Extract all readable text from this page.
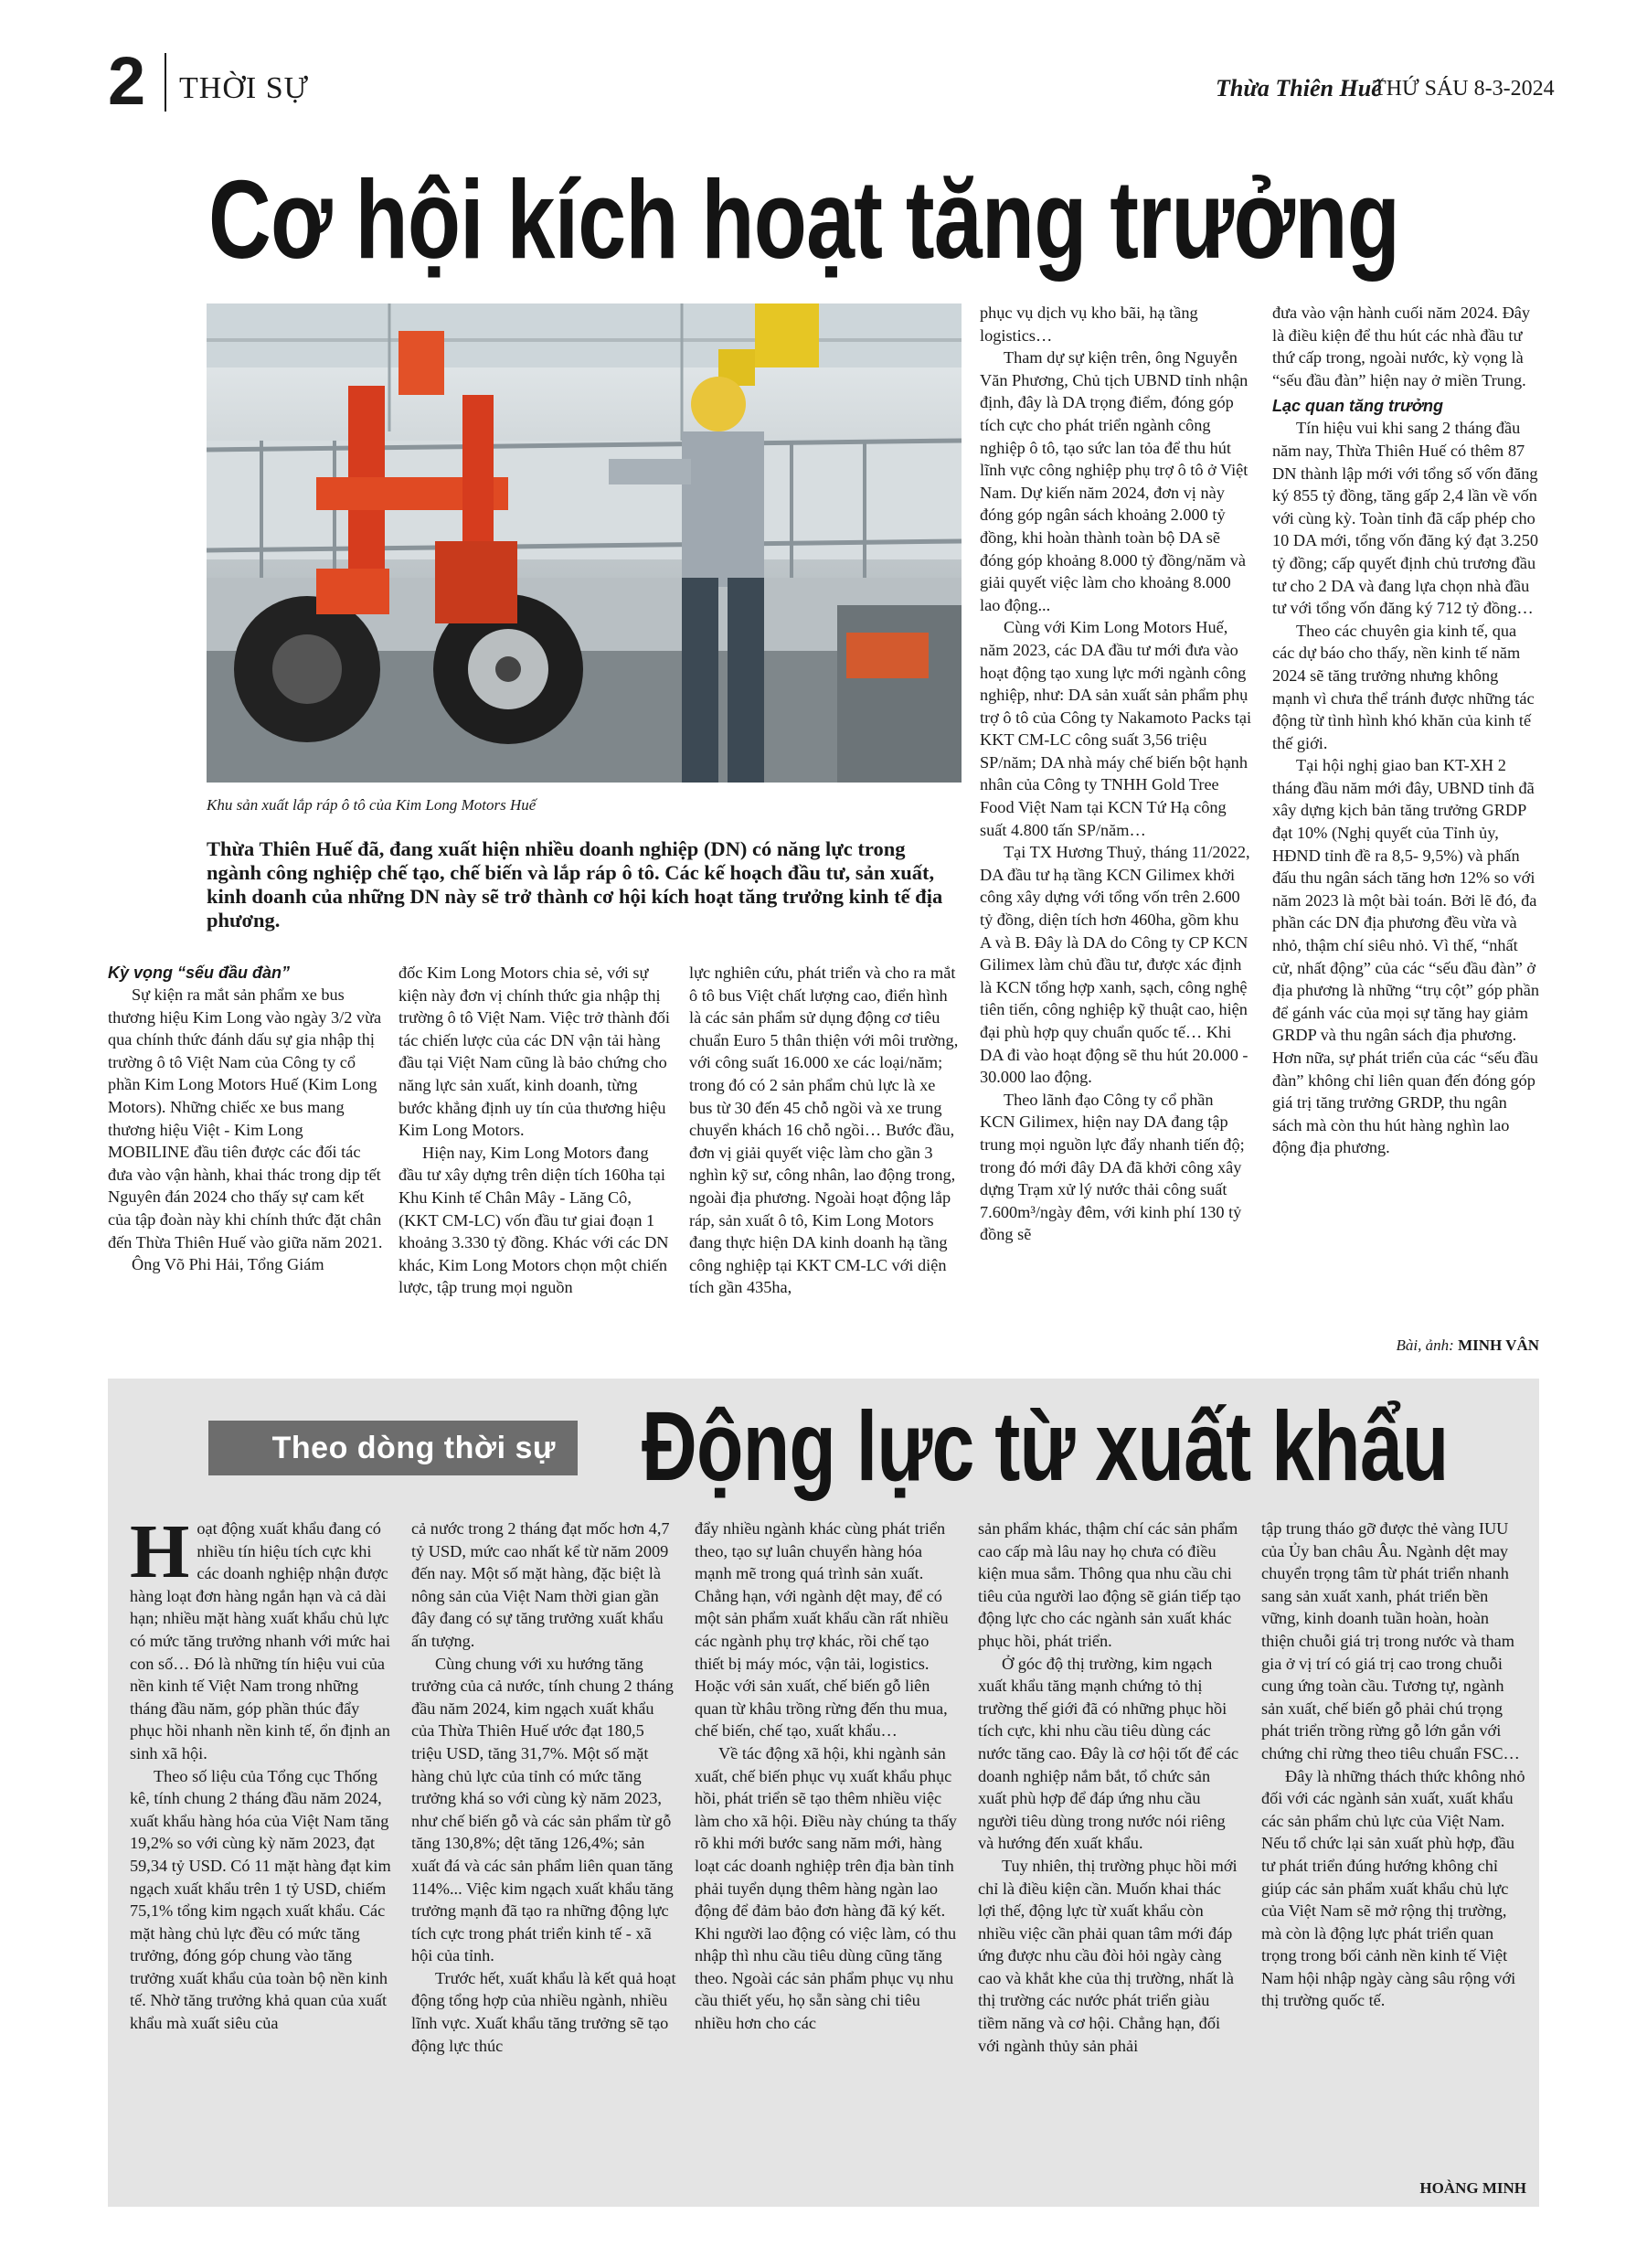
2 THỜI SỰ	Thừa Thiên Huế
THỨ SÁU 8-3-2024
Cơ hội kích hoạt tăng trưởng
Khu sản xuất lắp ráp ô tô của Kim Long Motors Huế
Thừa Thiên Huế đã, đang xuất hiện nhiều doanh nghiệp (DN) có năng lực trong ngành công nghiệp chế tạo, chế biến và lắp ráp ô tô. Các kế hoạch đầu tư, sản xuất, kinh doanh của những DN này sẽ trở thành cơ hội kích hoạt tăng trưởng kinh tế địa phương.
Kỳ vọng “sếu đầu đàn”

Sự kiện ra mắt sản phẩm xe bus thương hiệu Kim Long vào ngày 3/2 vừa qua chính thức đánh dấu sự gia nhập thị trường ô tô Việt Nam của Công ty cổ phần Kim Long Motors Huế (Kim Long Motors). Những chiếc xe bus mang thương hiệu Việt - Kim Long MOBILINE đầu tiên được các đối tác đưa vào vận hành, khai thác trong dịp tết Nguyên đán 2024 cho thấy sự cam kết của tập đoàn này khi chính thức đặt chân đến Thừa Thiên Huế vào giữa năm 2021.

Ông Võ Phi Hải, Tổng Giám

đốc Kim Long Motors chia sẻ, với sự kiện này đơn vị chính thức gia nhập thị trường ô tô Việt Nam. Việc trở thành đối tác chiến lược của các DN vận tải hàng đầu tại Việt Nam cũng là bảo chứng cho năng lực sản xuất, kinh doanh, từng bước khẳng định uy tín của thương hiệu Kim Long Motors.

Hiện nay, Kim Long Motors đang đầu tư xây dựng trên diện tích 160ha tại Khu Kinh tế Chân Mây - Lăng Cô, (KKT CM-LC) vốn đầu tư giai đoạn 1 khoảng 3.330 tỷ đồng. Khác với các DN khác, Kim Long Motors chọn một chiến lược, tập trung mọi nguồn

lực nghiên cứu, phát triển và cho ra mắt ô tô bus Việt chất lượng cao, điển hình là các sản phẩm sử dụng động cơ tiêu chuẩn Euro 5 thân thiện với môi trường, với công suất 16.000 xe các loại/năm; trong đó có 2 sản phẩm chủ lực là xe bus từ 30 đến 45 chỗ ngồi và xe trung chuyển khách 16 chỗ ngồi… Bước đầu, đơn vị giải quyết việc làm cho gần 3 nghìn kỹ sư, công nhân, lao động trong, ngoài địa phương. Ngoài hoạt động lắp ráp, sản xuất ô tô, Kim Long Motors đang thực hiện DA kinh doanh hạ tầng công nghiệp tại KKT CM-LC với diện tích gần 435ha,

phục vụ dịch vụ kho bãi, hạ tầng logistics…

Tham dự sự kiện trên, ông Nguyễn Văn Phương, Chủ tịch UBND tỉnh nhận định, đây là DA trọng điểm, đóng góp tích cực cho phát triển ngành công nghiệp ô tô, tạo sức lan tỏa để thu hút lĩnh vực công nghiệp phụ trợ ô tô ở Việt Nam. Dự kiến năm 2024, đơn vị này đóng góp ngân sách khoảng 2.000 tỷ đồng, khi hoàn thành toàn bộ DA sẽ đóng góp khoảng 8.000 tỷ đồng/năm và giải quyết việc làm cho khoảng 8.000 lao động...

Cùng với Kim Long Motors Huế, năm 2023, các DA đầu tư mới đưa vào hoạt động tạo xung lực mới ngành công nghiệp, như: DA sản xuất sản phẩm phụ trợ ô tô của Công ty Nakamoto Packs tại KKT CM-LC công suất 3,56 triệu SP/năm; DA nhà máy chế biến bột hạnh nhân của Công ty TNHH Gold Tree Food Việt Nam tại KCN Tứ Hạ công suất 4.800 tấn SP/năm…

Tại TX Hương Thuỷ, tháng 11/2022, DA đầu tư hạ tầng KCN Gilimex khởi công xây dựng với tổng vốn trên 2.600 tỷ đồng, diện tích hơn 460ha, gồm khu A và B. Đây là DA do Công ty CP KCN Gilimex làm chủ đầu tư, được xác định là KCN tổng hợp xanh, sạch, công nghệ tiên tiến, công nghiệp kỹ thuật cao, hiện đại phù hợp quy chuẩn quốc tế… Khi DA đi vào hoạt động sẽ thu hút 20.000 - 30.000 lao động.

Theo lãnh đạo Công ty cổ phần KCN Gilimex, hiện nay DA đang tập trung mọi nguồn lực đẩy nhanh tiến độ; trong đó mới đây DA đã khởi công xây dựng Trạm xử lý nước thải công suất 7.600m³/ngày đêm, với kinh phí 130 tỷ đồng sẽ

đưa vào vận hành cuối năm 2024. Đây là điều kiện để thu hút các nhà đầu tư thứ cấp trong, ngoài nước, kỳ vọng là “sếu đầu đàn” hiện nay ở miền Trung.

Lạc quan tăng trưởng

Tín hiệu vui khi sang 2 tháng đầu năm nay, Thừa Thiên Huế có thêm 87 DN thành lập mới với tổng số vốn đăng ký 855 tỷ đồng, tăng gấp 2,4 lần về vốn với cùng kỳ. Toàn tỉnh đã cấp phép cho 10 DA mới, tổng vốn đăng ký đạt 3.250 tỷ đồng; cấp quyết định chủ trương đầu tư cho 2 DA và đang lựa chọn nhà đầu tư với tổng vốn đăng ký 712 tỷ đồng…

Theo các chuyên gia kinh tế, qua các dự báo cho thấy, nền kinh tế năm 2024 sẽ tăng trưởng nhưng không mạnh vì chưa thể tránh được những tác động từ tình hình khó khăn của kinh tế thế giới.

Tại hội nghị giao ban KT-XH 2 tháng đầu năm mới đây, UBND tỉnh đã xây dựng kịch bản tăng trưởng GRDP đạt 10% (Nghị quyết của Tỉnh ủy, HĐND tỉnh đề ra 8,5- 9,5%) và phấn đấu thu ngân sách tăng hơn 12% so với năm 2023 là một bài toán. Bởi lẽ đó, đa phần các DN địa phương đều vừa và nhỏ, thậm chí siêu nhỏ. Vì thế, “nhất cử, nhất động” của các “sếu đầu đàn” ở địa phương là những “trụ cột” góp phần để gánh vác của mọi sự tăng hay giảm GRDP và thu ngân sách địa phương. Hơn nữa, sự phát triển của các “sếu đầu đàn” không chỉ liên quan đến đóng góp giá trị tăng trưởng GRDP, thu ngân sách mà còn thu hút hàng nghìn lao động địa phương.

Bài, ảnh: MINH VÂN
Theo dòng thời sự Động lực từ xuất khẩu
H oạt động xuất khẩu đang có nhiều tín hiệu tích cực khi các doanh nghiệp nhận được hàng loạt đơn hàng ngắn hạn và cả dài hạn; nhiều mặt hàng xuất khẩu chủ lực có mức tăng trưởng nhanh với mức hai con số… Đó là những tín hiệu vui của nền kinh tế Việt Nam trong những tháng đầu năm, góp phần thúc đẩy phục hồi nhanh nền kinh tế, ổn định an sinh xã hội.

Theo số liệu của Tổng cục Thống kê, tính chung 2 tháng đầu năm 2024, xuất khẩu hàng hóa của Việt Nam tăng 19,2% so với cùng kỳ năm 2023, đạt 59,34 tỷ USD. Có 11 mặt hàng đạt kim ngạch xuất khẩu trên 1 tỷ USD, chiếm 75,1% tổng kim ngạch xuất khẩu. Các mặt hàng chủ lực đều có mức tăng trưởng, đóng góp chung vào tăng trưởng xuất khẩu của toàn bộ nền kinh tế. Nhờ tăng trưởng khả quan của xuất khẩu mà xuất siêu của

cả nước trong 2 tháng đạt mốc hơn 4,7 tỷ USD, mức cao nhất kể từ năm 2009 đến nay. Một số mặt hàng, đặc biệt là nông sản của Việt Nam thời gian gần đây đang có sự tăng trưởng xuất khẩu ấn tượng.

Cùng chung với xu hướng tăng trưởng của cả nước, tính chung 2 tháng đầu năm 2024, kim ngạch xuất khẩu của Thừa Thiên Huế ước đạt 180,5 triệu USD, tăng 31,7%. Một số mặt hàng chủ lực của tỉnh có mức tăng trưởng khá so với cùng kỳ năm 2023, như chế biến gỗ và các sản phẩm từ gỗ tăng 130,8%; dệt tăng 126,4%; sản xuất đá và các sản phẩm liên quan tăng 114%... Việc kim ngạch xuất khẩu tăng trưởng mạnh đã tạo ra những động lực tích cực trong phát triển kinh tế - xã hội của tỉnh.

Trước hết, xuất khẩu là kết quả hoạt động tổng hợp của nhiều ngành, nhiều lĩnh vực. Xuất khẩu tăng trưởng sẽ tạo động lực thúc

đẩy nhiều ngành khác cùng phát triển theo, tạo sự luân chuyển hàng hóa mạnh mẽ trong quá trình sản xuất. Chẳng hạn, với ngành dệt may, để có một sản phẩm xuất khẩu cần rất nhiều các ngành phụ trợ khác, rồi chế tạo thiết bị máy móc, vận tải, logistics. Hoặc với sản xuất, chế biến gỗ liên quan từ khâu trồng rừng đến thu mua, chế biến, chế tạo, xuất khẩu…

Về tác động xã hội, khi ngành sản xuất, chế biến phục vụ xuất khẩu phục hồi, phát triển sẽ tạo thêm nhiều việc làm cho xã hội. Điều này chúng ta thấy rõ khi mới bước sang năm mới, hàng loạt các doanh nghiệp trên địa bàn tỉnh phải tuyển dụng thêm hàng ngàn lao động để đảm bảo đơn hàng đã ký kết. Khi người lao động có việc làm, có thu nhập thì nhu cầu tiêu dùng cũng tăng theo. Ngoài các sản phẩm phục vụ nhu cầu thiết yếu, họ sẵn sàng chi tiêu nhiều hơn cho các

sản phẩm khác, thậm chí các sản phẩm cao cấp mà lâu nay họ chưa có điều kiện mua sắm. Thông qua nhu cầu chi tiêu của người lao động sẽ gián tiếp tạo động lực cho các ngành sản xuất khác phục hồi, phát triển.

Ở góc độ thị trường, kim ngạch xuất khẩu tăng mạnh chứng tỏ thị trường thế giới đã có những phục hồi tích cực, khi nhu cầu tiêu dùng các nước tăng cao. Đây là cơ hội tốt để các doanh nghiệp nắm bắt, tổ chức sản xuất phù hợp để đáp ứng nhu cầu người tiêu dùng trong nước nói riêng và hướng đến xuất khẩu.

Tuy nhiên, thị trường phục hồi mới chỉ là điều kiện cần. Muốn khai thác lợi thế, động lực từ xuất khẩu còn nhiều việc cần phải quan tâm mới đáp ứng được nhu cầu đòi hỏi ngày càng cao và khắt khe của thị trường, nhất là thị trường các nước phát triển giàu tiềm năng và cơ hội. Chẳng hạn, đối với ngành thủy sản phải

tập trung tháo gỡ được thẻ vàng IUU của Ủy ban châu Âu. Ngành dệt may chuyển trọng tâm từ phát triển nhanh sang sản xuất xanh, phát triển bền vững, kinh doanh tuần hoàn, hoàn thiện chuỗi giá trị trong nước và tham gia ở vị trí có giá trị cao trong chuỗi cung ứng toàn cầu. Tương tự, ngành sản xuất, chế biến gỗ phải chú trọng phát triển trồng rừng gỗ lớn gắn với chứng chỉ rừng theo tiêu chuẩn FSC…

Đây là những thách thức không nhỏ đối với các ngành sản xuất, xuất khẩu các sản phẩm chủ lực của Việt Nam. Nếu tổ chức lại sản xuất phù hợp, đầu tư phát triển đúng hướng không chỉ giúp các sản phẩm xuất khẩu chủ lực của Việt Nam sẽ mở rộng thị trường, mà còn là động lực phát triển quan trọng trong bối cảnh nền kinh tế Việt Nam hội nhập ngày càng sâu rộng với thị trường quốc tế.

HOÀNG MINH
